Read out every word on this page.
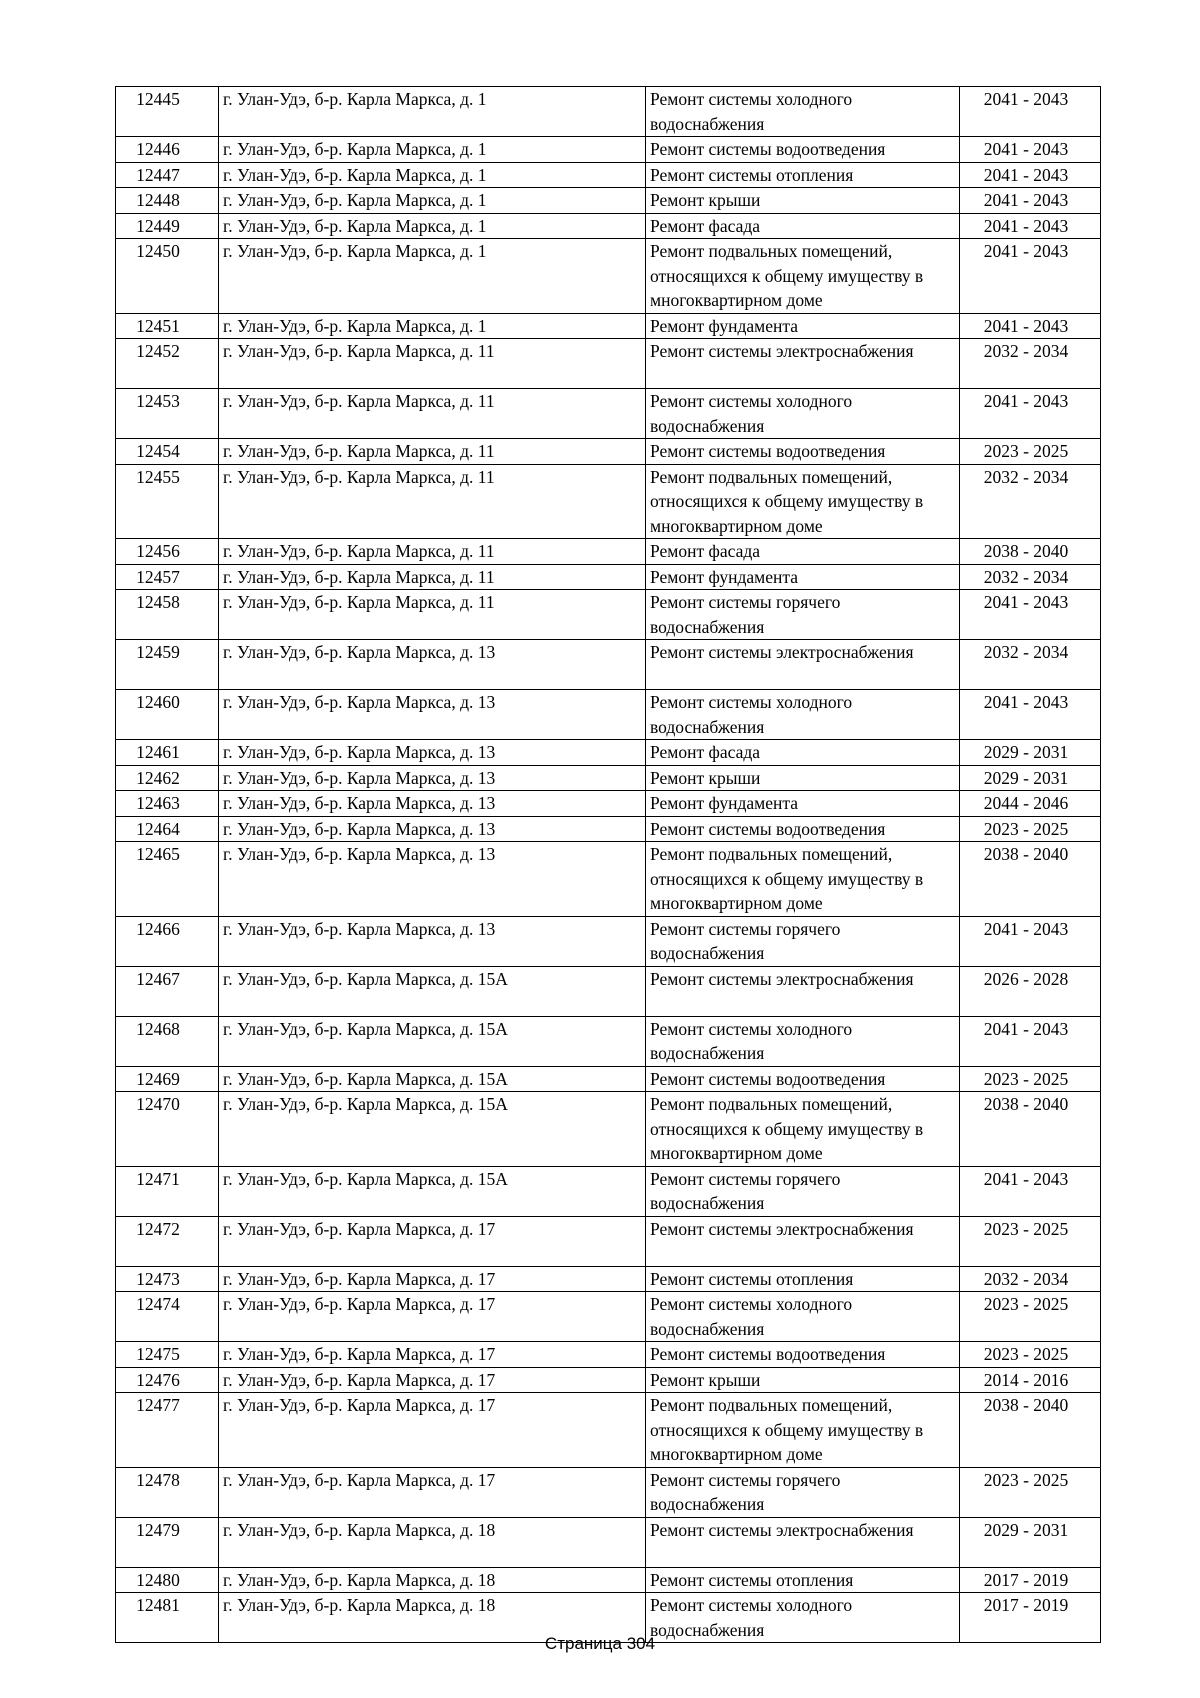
12445	г. Улан-Удэ, б-р. Карла Маркса, д. 1	Ремонт системы холодного водоснабжения	2041 - 2043
12446	г. Улан-Удэ, б-р. Карла Маркса, д. 1	Ремонт системы водоотведения	2041 - 2043
12447	г. Улан-Удэ, б-р. Карла Маркса, д. 1	Ремонт системы отопления	2041 - 2043
12448	г. Улан-Удэ, б-р. Карла Маркса, д. 1	Ремонт крыши	2041 - 2043
12449	г. Улан-Удэ, б-р. Карла Маркса, д. 1	Ремонт фасада	2041 - 2043
12450	г. Улан-Удэ, б-р. Карла Маркса, д. 1	Ремонт подвальных помещений, относящихся к общему имуществу в многоквартирном доме	2041 - 2043
12451	г. Улан-Удэ, б-р. Карла Маркса, д. 1	Ремонт фундамента	2041 - 2043
12452	г. Улан-Удэ, б-р. Карла Маркса, д. 11	Ремонт системы электроснабжения	2032 - 2034
12453	г. Улан-Удэ, б-р. Карла Маркса, д. 11	Ремонт системы холодного водоснабжения	2041 - 2043
12454	г. Улан-Удэ, б-р. Карла Маркса, д. 11	Ремонт системы водоотведения	2023 - 2025
12455	г. Улан-Удэ, б-р. Карла Маркса, д. 11	Ремонт подвальных помещений, относящихся к общему имуществу в многоквартирном доме	2032 - 2034
12456	г. Улан-Удэ, б-р. Карла Маркса, д. 11	Ремонт фасада	2038 - 2040
12457	г. Улан-Удэ, б-р. Карла Маркса, д. 11	Ремонт фундамента	2032 - 2034
12458	г. Улан-Удэ, б-р. Карла Маркса, д. 11	Ремонт системы горячего водоснабжения	2041 - 2043
12459	г. Улан-Удэ, б-р. Карла Маркса, д. 13	Ремонт системы электроснабжения	2032 - 2034
12460	г. Улан-Удэ, б-р. Карла Маркса, д. 13	Ремонт системы холодного водоснабжения	2041 - 2043
12461	г. Улан-Удэ, б-р. Карла Маркса, д. 13	Ремонт фасада	2029 - 2031
12462	г. Улан-Удэ, б-р. Карла Маркса, д. 13	Ремонт крыши	2029 - 2031
12463	г. Улан-Удэ, б-р. Карла Маркса, д. 13	Ремонт фундамента	2044 - 2046
12464	г. Улан-Удэ, б-р. Карла Маркса, д. 13	Ремонт системы водоотведения	2023 - 2025
12465	г. Улан-Удэ, б-р. Карла Маркса, д. 13	Ремонт подвальных помещений, относящихся к общему имуществу в многоквартирном доме	2038 - 2040
12466	г. Улан-Удэ, б-р. Карла Маркса, д. 13	Ремонт системы горячего водоснабжения	2041 - 2043
12467	г. Улан-Удэ, б-р. Карла Маркса, д. 15А	Ремонт системы электроснабжения	2026 - 2028
12468	г. Улан-Удэ, б-р. Карла Маркса, д. 15А	Ремонт системы холодного водоснабжения	2041 - 2043
12469	г. Улан-Удэ, б-р. Карла Маркса, д. 15А	Ремонт системы водоотведения	2023 - 2025
12470	г. Улан-Удэ, б-р. Карла Маркса, д. 15А	Ремонт подвальных помещений, относящихся к общему имуществу в многоквартирном доме	2038 - 2040
12471	г. Улан-Удэ, б-р. Карла Маркса, д. 15А	Ремонт системы горячего водоснабжения	2041 - 2043
12472	г. Улан-Удэ, б-р. Карла Маркса, д. 17	Ремонт системы электроснабжения	2023 - 2025
12473	г. Улан-Удэ, б-р. Карла Маркса, д. 17	Ремонт системы отопления	2032 - 2034
12474	г. Улан-Удэ, б-р. Карла Маркса, д. 17	Ремонт системы холодного водоснабжения	2023 - 2025
12475	г. Улан-Удэ, б-р. Карла Маркса, д. 17	Ремонт системы водоотведения	2023 - 2025
12476	г. Улан-Удэ, б-р. Карла Маркса, д. 17	Ремонт крыши	2014 - 2016
12477	г. Улан-Удэ, б-р. Карла Маркса, д. 17	Ремонт подвальных помещений, относящихся к общему имуществу в многоквартирном доме	2038 - 2040
12478	г. Улан-Удэ, б-р. Карла Маркса, д. 17	Ремонт системы горячего водоснабжения	2023 - 2025
12479	г. Улан-Удэ, б-р. Карла Маркса, д. 18	Ремонт системы электроснабжения	2029 - 2031
12480	г. Улан-Удэ, б-р. Карла Маркса, д. 18	Ремонт системы отопления	2017 - 2019
12481	г. Улан-Удэ, б-р. Карла Маркса, д. 18	Ремонт системы холодного водоснабжения	2017 - 2019
Страница 304
